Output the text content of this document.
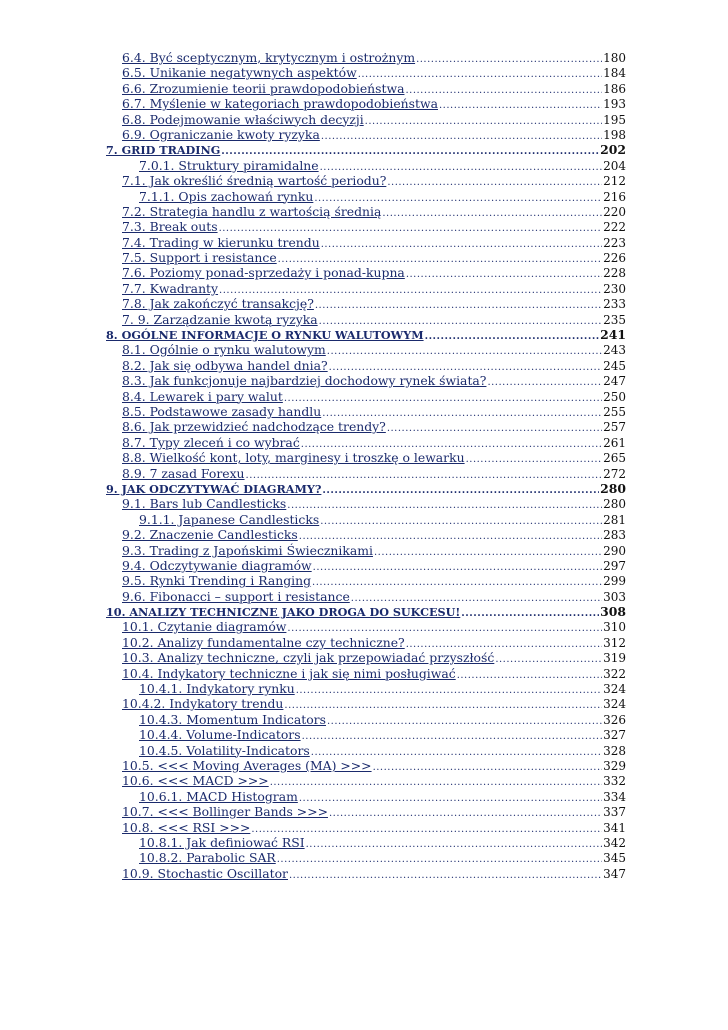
6.4. Być sceptycznym, krytycznym i ostrożnym .....	180
6.5. Unikanie negatywnych aspektów .....	184
6.6. Zrozumienie teorii prawdopodobieństwa .....	186
6.7. Myślenie w kategoriach prawdopodobieństwa .....	193
6.8. Podejmowanie właściwych decyzji .....	195
6.9. Ograniczanie kwoty ryzyka .....	198
7. GRID TRADING .....	202
7.0.1. Struktury piramidalne .....	204
7.1. Jak określić średnią wartość periodu? .....	212
7.1.1. Opis zachowań rynku .....	216
7.2. Strategia handlu z wartością średnią .....	220
7.3. Break outs .....	222
7.4. Trading w kierunku trendu .....	223
7.5. Support i resistance .....	226
7.6. Poziomy ponad-sprzedaży i ponad-kupna .....	228
7.7. Kwadranty .....	230
7.8. Jak zakończyć transakcję? .....	233
7. 9. Zarządzanie kwotą ryzyka .....	235
8. OGÓLNE INFORMACJE O RYNKU WALUTOWYM .....	241
8.1. Ogólnie o rynku walutowym .....	243
8.2. Jak się odbywa handel dnia? .....	245
8.3. Jak funkcjonuje najbardziej dochodowy rynek świata? .....	247
8.4. Lewarek i pary walut .....	250
8.5. Podstawowe zasady handlu .....	255
8.6. Jak przewidzieć nadchodzące trendy? .....	257
8.7. Typy zleceń i co wybrać .....	261
8.8. Wielkość kont, loty, marginesy i troszkę o lewarku .....	265
8.9. 7 zasad Forexu .....	272
9. JAK ODCZYTYWAĆ DIAGRAMY? .....	280
9.1. Bars lub Candlesticks .....	280
9.1.1. Japanese Candlesticks .....	281
9.2. Znaczenie Candlesticks .....	283
9.3. Trading z Japońskimi Świecznikami .....	290
9.4. Odczytywanie diagramów .....	297
9.5. Rynki Trending i Ranging .....	299
9.6. Fibonacci – support i resistance .....	303
10. ANALIZY TECHNICZNE JAKO DROGA DO SUKCESU! .....	308
10.1. Czytanie diagramów .....	310
10.2. Analizy fundamentalne czy techniczne? .....	312
10.3. Analizy techniczne, czyli jak przepowiadać przyszłość .....	319
10.4. Indykatory techniczne i jak się nimi posługiwać .....	322
10.4.1. Indykatory rynku .....	324
10.4.2. Indykatory trendu .....	324
10.4.3. Momentum Indicators .....	326
10.4.4. Volume-Indicators .....	327
10.4.5. Volatility-Indicators .....	328
10.5. <<< Moving Averages (MA) >>> .....	329
10.6. <<< MACD >>> .....	332
10.6.1. MACD Histogram .....	334
10.7. <<< Bollinger Bands >>> .....	337
10.8. <<< RSI >>> .....	341
10.8.1. Jak definiować RSI .....	342
10.8.2. Parabolic SAR .....	345
10.9. Stochastic Oscillator .....	347
